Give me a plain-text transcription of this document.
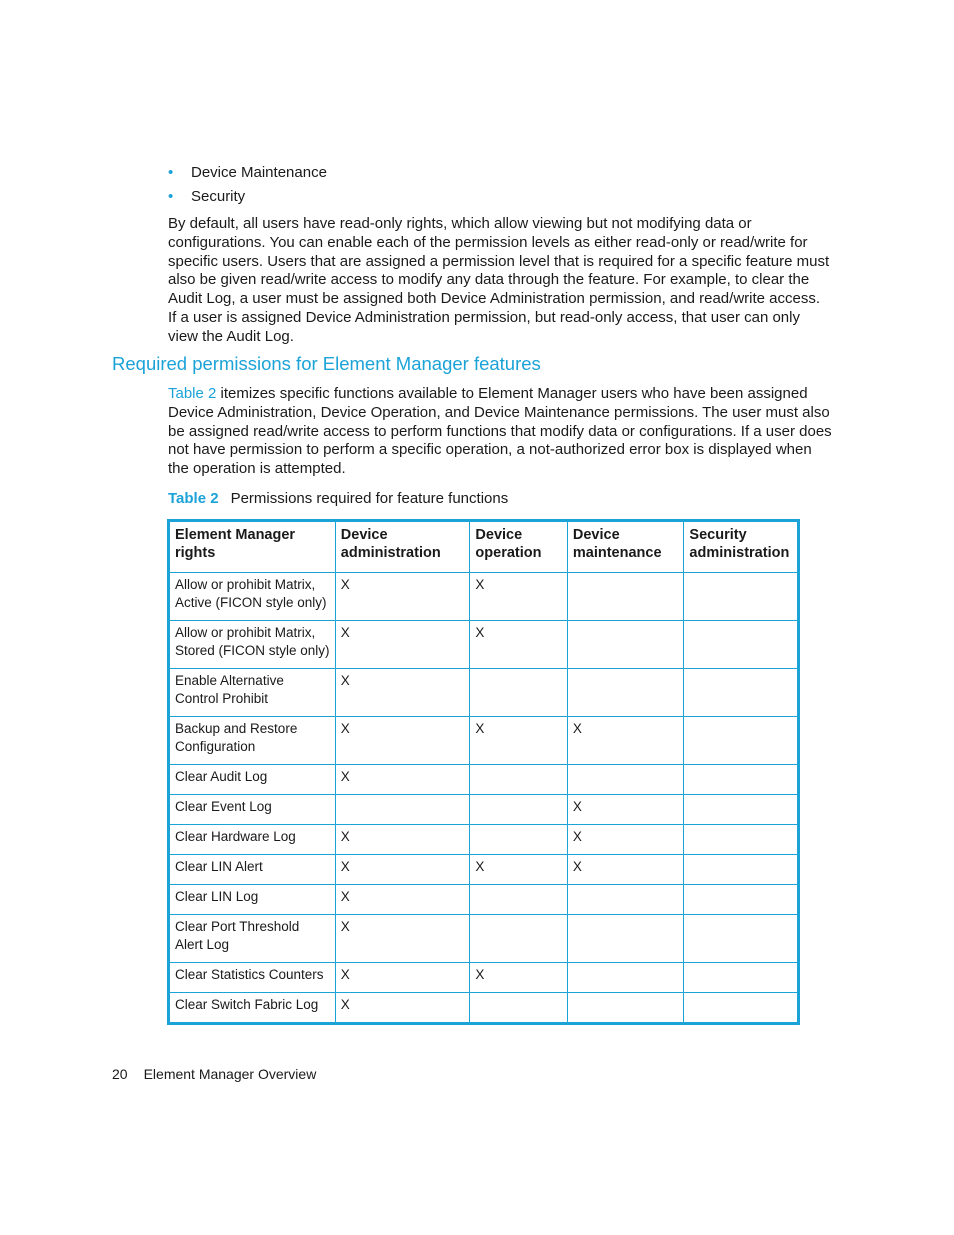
• Device Maintenance
• Security

By default, all users have read-only rights, which allow viewing but not modifying data or configurations. You can enable each of the permission levels as either read-only or read/write for specific users. Users that are assigned a permission level that is required for a specific feature must also be given read/write access to modify any data through the feature. For example, to clear the Audit Log, a user must be assigned both Device Administration permission, and read/write access. If a user is assigned Device Administration permission, but read-only access, that user can only view the Audit Log.

Required permissions for Element Manager features

Table 2 itemizes specific functions available to Element Manager users who have been assigned Device Administration, Device Operation, and Device Maintenance permissions. The user must also be assigned read/write access to perform functions that modify data or configurations. If a user does not have permission to perform a specific operation, a not-authorized error box is displayed when the operation is attempted.

Table 2 Permissions required for feature functions
Element Manager rights	Device administration	Device operation	Device maintenance	Security administration
Allow or prohibit Matrix, Active (FICON style only)	X	X		
Allow or prohibit Matrix, Stored (FICON style only)	X	X		
Enable Alternative Control Prohibit	X			
Backup and Restore Configuration	X	X	X	
Clear Audit Log	X			
Clear Event Log			X	
Clear Hardware Log	X		X	
Clear LIN Alert	X	X	X	
Clear LIN Log	X			
Clear Port Threshold Alert Log	X			
Clear Statistics Counters	X	X		
Clear Switch Fabric Log	X			
20 Element Manager Overview
